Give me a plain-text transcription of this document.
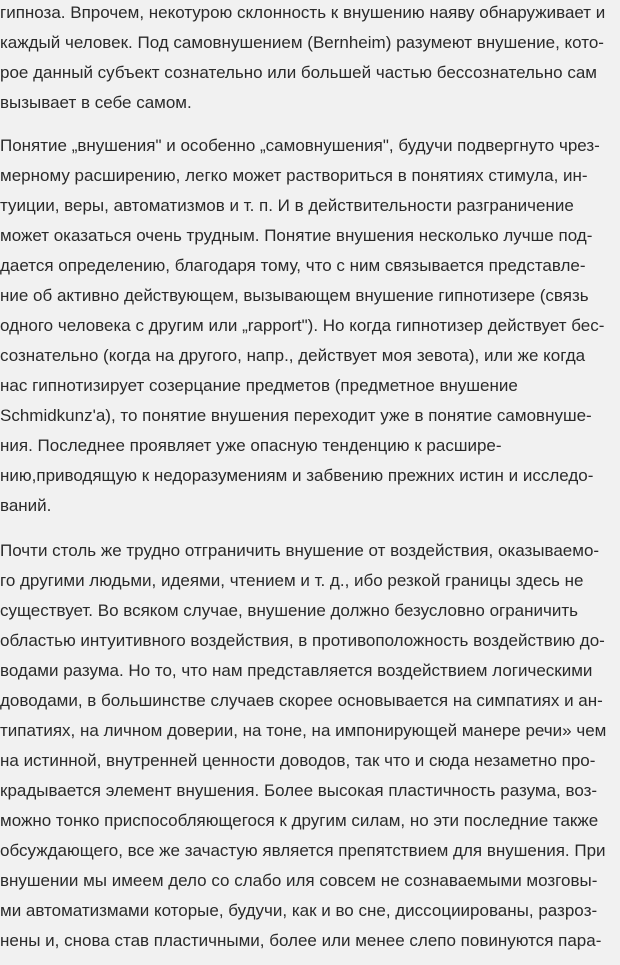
гипноза. Впрочем, некотурою склонность к внушению наяву обнаруживает и
каждый человек. Под самовнушением (Bernheim) разумеют внушение, кото-
рое данный субъект сознательно или большей частью бессознательно сам
вызывает в себе самом.
Понятие „внушения" и особенно „самовнушения", будучи подвергнуто чрез-
мерному расширению, легко может раствориться в понятиях стимула, ин-
туиции, веры, автоматизмов и т. п. И в действительности разграничение
может оказаться очень трудным. Понятие внушения несколько лучше под-
дается определению, благодаря тому, что с ним связывается представле-
ние об активно действующем, вызывающем внушение гипнотизере (связь
одного человека с другим или „rapport"). Но когда гипнотизер действует бес-
сознательно (когда на другого, напр., действует моя зевота), или же когда
нас гипнотизирует созерцание предметов (предметное внушение
Schmidkunz'a), то понятие внушения переходит уже в понятие самовнуше-
ния. Последнее проявляет уже опасную тенденцию к расшире-
нию,приводящую к недоразумениям и забвению прежних истин и исследо-
ваний.
Почти столь же трудно отграничить внушение от воздействия, оказываемо-
го другими людьми, идеями, чтением и т. д., ибо резкой границы здесь не
существует. Во всяком случае, внушение должно безусловно ограничить
областью интуитивного воздействия, в противоположность воздействию до-
водами разума. Но то, что нам представляется воздействием логическими
доводами, в большинстве случаев скорее основывается на симпатиях и ан-
типатиях, на личном доверии, на тоне, на импонирующей манере речи» чем
на истинной, внутренней ценности доводов, так что и сюда незаметно про-
крадывается элемент внушения. Более высокая пластичность разума, воз-
можно тонко приспособляющегося к другим силам, но эти последние также
обсуждающего, все же зачастую является препятствием для внушения. При
внушении мы имеем дело со слабо иля совсем не сознаваемыми мозговы-
ми автоматизмами которые, будучи, как и во сне, диссоциированы, разрoз-
нены и, снова став пластичными, более или менее слепо повинуются пара-
